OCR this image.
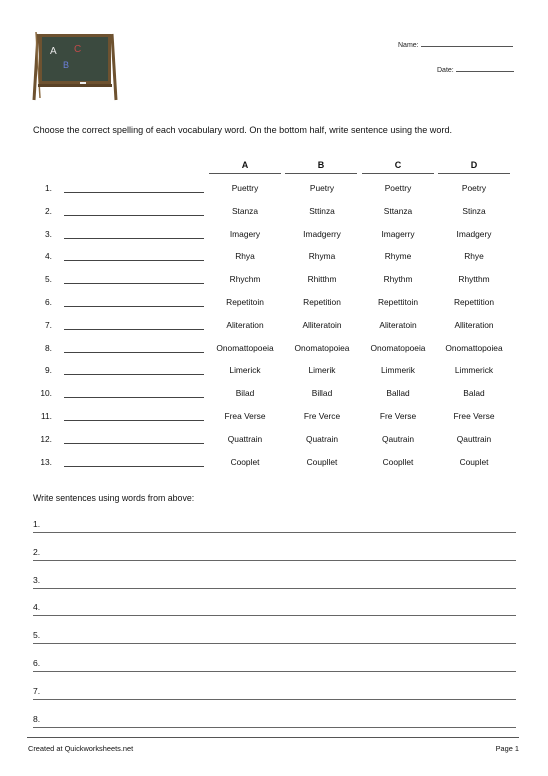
A
B
C	Name:
Date:
Choose the correct spelling of each vocabulary word. On the bottom half, write sentence using the word.
A	B	C	D
1.	Puettry	Puetry	Poettry	Poetry
2.	Stanza	Sttinza	Sttanza	Stinza
3.	Imagery	Imadgerry	Imagerry	Imadgery
4.	Rhya	Rhyma	Rhyme	Rhye
5.	Rhychm	Rhitthm	Rhythm	Rhytthm
6.	Repetitoin	Repetition	Repettitoin	Repettition
7.	Aliteration	Alliteratoin	Aliteratoin	Alliteration
8.	Onomattopoeia	Onomatopoiea	Onomatopoeia	Onomattopoiea
9.	Limerick	Limerik	Limmerik	Limmerick
10.	Bilad	Billad	Ballad	Balad
11.	Frea Verse	Fre Verce	Fre Verse	Free Verse
12.	Quattrain	Quatrain	Qautrain	Qauttrain
13.	Cooplet	Coupllet	Coopllet	Couplet
Write sentences using words from above:
1.
2.
3.
4.
5.
6.
7.
8.
Created at Quickworksheets.net	Page 1
